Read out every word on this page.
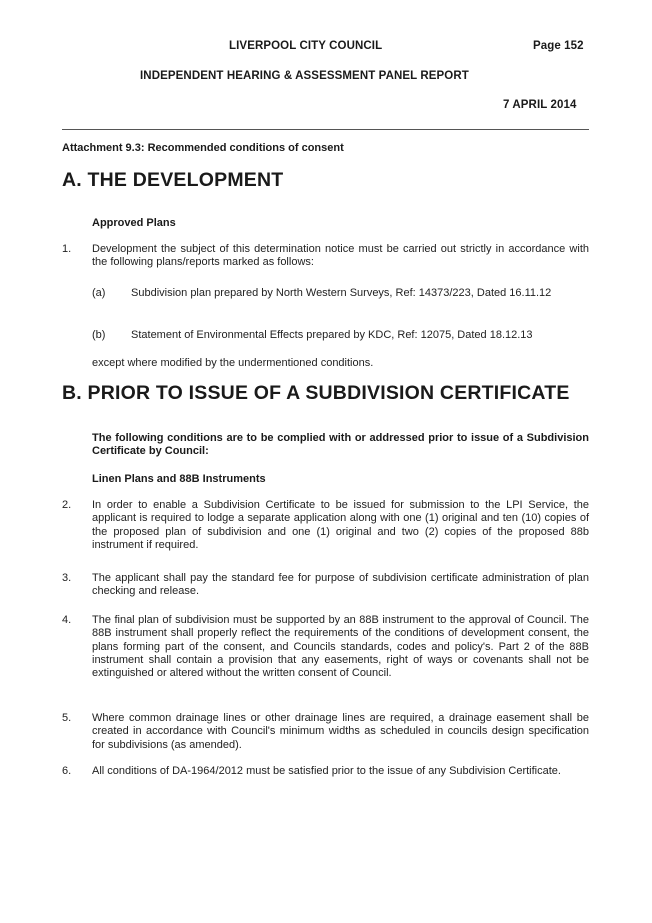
LIVERPOOL CITY COUNCIL	Page 152
INDEPENDENT HEARING & ASSESSMENT PANEL REPORT
7 APRIL 2014
Attachment 9.3: Recommended conditions of consent
A. THE DEVELOPMENT
Approved Plans
1. Development the subject of this determination notice must be carried out strictly in accordance with the following plans/reports marked as follows:
(a) Subdivision plan prepared by North Western Surveys, Ref: 14373/223, Dated 16.11.12
(b) Statement of Environmental Effects prepared by KDC, Ref: 12075, Dated 18.12.13
except where modified by the undermentioned conditions.
B. PRIOR TO ISSUE OF A SUBDIVISION CERTIFICATE
The following conditions are to be complied with or addressed prior to issue of a Subdivision Certificate by Council:
Linen Plans and 88B Instruments
2. In order to enable a Subdivision Certificate to be issued for submission to the LPI Service, the applicant is required to lodge a separate application along with one (1) original and ten (10) copies of the proposed plan of subdivision and one (1) original and two (2) copies of the proposed 88b instrument if required.
3. The applicant shall pay the standard fee for purpose of subdivision certificate administration of plan checking and release.
4. The final plan of subdivision must be supported by an 88B instrument to the approval of Council. The 88B instrument shall properly reflect the requirements of the conditions of development consent, the plans forming part of the consent, and Councils standards, codes and policy's. Part 2 of the 88B instrument shall contain a provision that any easements, right of ways or covenants shall not be extinguished or altered without the written consent of Council.
5. Where common drainage lines or other drainage lines are required, a drainage easement shall be created in accordance with Council's minimum widths as scheduled in councils design specification for subdivisions (as amended).
6. All conditions of DA-1964/2012 must be satisfied prior to the issue of any Subdivision Certificate.
